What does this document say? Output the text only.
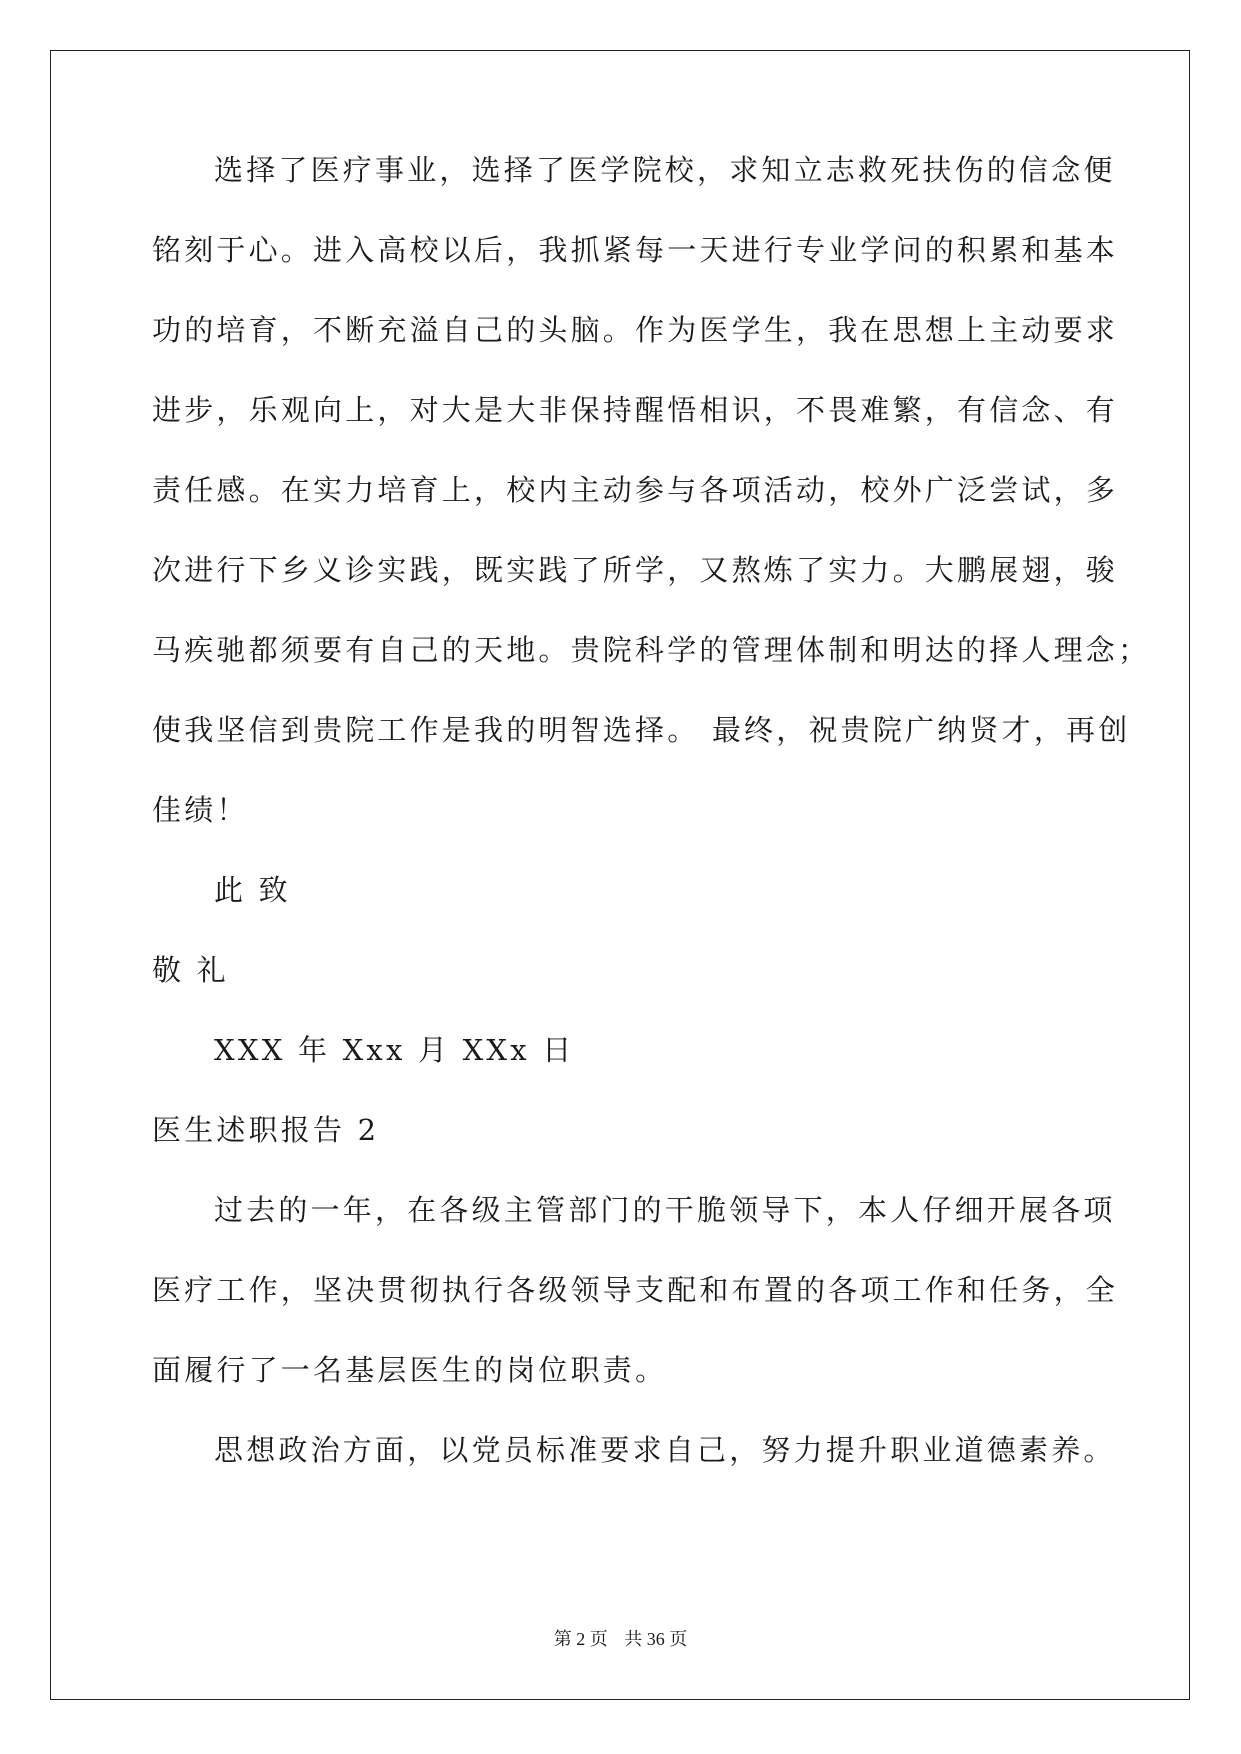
选择了医疗事业，选择了医学院校，求知立志救死扶伤的信念便
铭刻于心。进入高校以后，我抓紧每一天进行专业学问的积累和基本
功的培育，不断充溢自己的头脑。作为医学生，我在思想上主动要求
进步，乐观向上，对大是大非保持醒悟相识，不畏难繁，有信念、有
责任感。在实力培育上，校内主动参与各项活动，校外广泛尝试，多
次进行下乡义诊实践，既实践了所学，又熬炼了实力。大鹏展翅，骏
马疾驰都须要有自己的天地。贵院科学的管理体制和明达的择人理念；
使我坚信到贵院工作是我的明智选择。 最终，祝贵院广纳贤才，再创
佳绩！
此 致
敬 礼
XXX 年 Xxx 月 XXx 日
医生述职报告 2
过去的一年，在各级主管部门的干脆领导下，本人仔细开展各项
医疗工作，坚决贯彻执行各级领导支配和布置的各项工作和任务，全
面履行了一名基层医生的岗位职责。
思想政治方面，以党员标准要求自己，努力提升职业道德素养。
第 2 页 共 36 页
